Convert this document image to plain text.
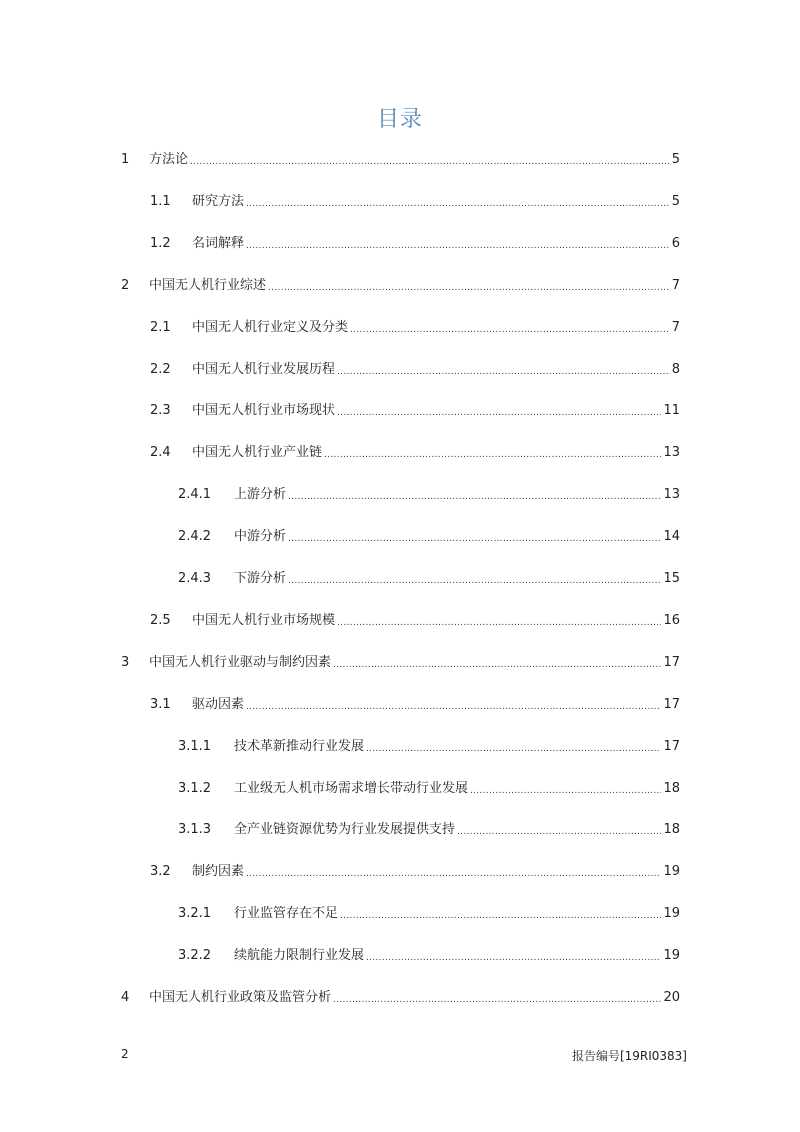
目录
1	方法论 .....	5
1.1	研究方法 .....	5
1.2	名词解释 .....	6
2	中国无人机行业综述 .....	7
2.1	中国无人机行业定义及分类 .....	7
2.2	中国无人机行业发展历程 .....	8
2.3	中国无人机行业市场现状 .....	11
2.4	中国无人机行业产业链 .....	13
2.4.1	上游分析 .....	13
2.4.2	中游分析 .....	14
2.4.3	下游分析 .....	15
2.5	中国无人机行业市场规模 .....	16
3	中国无人机行业驱动与制约因素 .....	17
3.1	驱动因素 .....	17
3.1.1	技术革新推动行业发展 .....	17
3.1.2	工业级无人机市场需求增长带动行业发展 .....	18
3.1.3	全产业链资源优势为行业发展提供支持 .....	18
3.2	制约因素 .....	19
3.2.1	行业监管存在不足 .....	19
3.2.2	续航能力限制行业发展 .....	19
4	中国无人机行业政策及监管分析 .....	20
2	报告编号[19RI0383]
